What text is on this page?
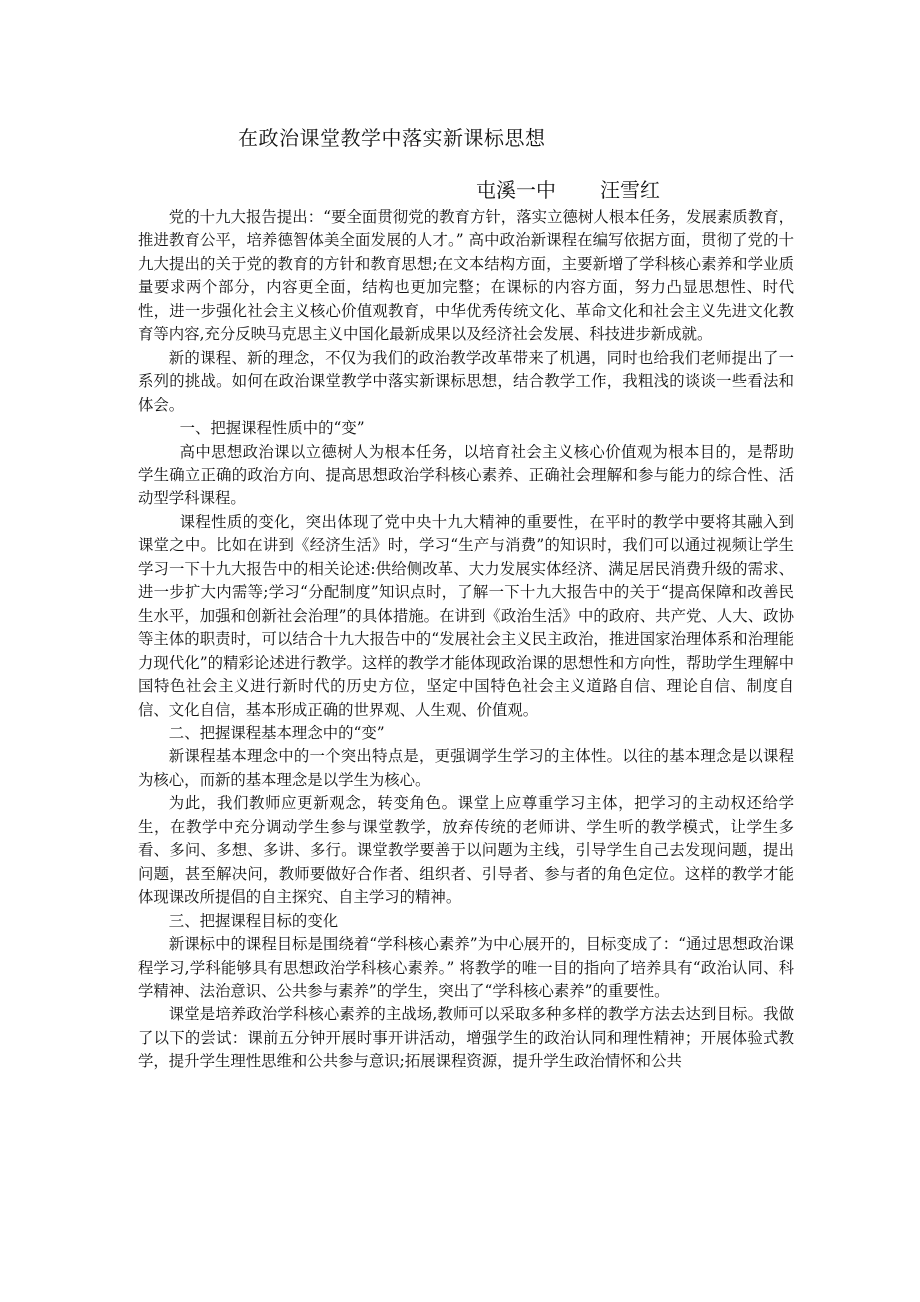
在政治课堂教学中落实新课标思想

屯溪一中 汪雪红

党的十九大报告提出：“要全面贯彻党的教育方针，落实立德树人根本任务，发展素质教育，推进教育公平，培养德智体美全面发展的人才。” 高中政治新课程在编写依据方面，贯彻了党的十九大提出的关于党的教育的方针和教育思想;在文本结构方面，主要新增了学科核心素养和学业质量要求两个部分，内容更全面，结构也更加完整；在课标的内容方面，努力凸显思想性、时代性，进一步强化社会主义核心价值观教育，中华优秀传统文化、革命文化和社会主义先进文化教育等内容,充分反映马克思主义中国化最新成果以及经济社会发展、科技进步新成就。

新的课程、新的理念，不仅为我们的政治教学改革带来了机遇，同时也给我们老师提出了一系列的挑战。如何在政治课堂教学中落实新课标思想，结合教学工作，我粗浅的谈谈一些看法和体会。

一、把握课程性质中的“变”

高中思想政治课以立德树人为根本任务，以培育社会主义核心价值观为根本目的，是帮助学生确立正确的政治方向、提高思想政治学科核心素养、正确社会理解和参与能力的综合性、活动型学科课程。

课程性质的变化，突出体现了党中央十九大精神的重要性，在平时的教学中要将其融入到课堂之中。比如在讲到《经济生活》时，学习“生产与消费”的知识时，我们可以通过视频让学生学习一下十九大报告中的相关论述:供给侧改革、大力发展实体经济、满足居民消费升级的需求、进一步扩大内需等;学习“分配制度”知识点时，了解一下十九大报告中的关于“提高保障和改善民生水平，加强和创新社会治理”的具体措施。在讲到《政治生活》中的政府、共产党、人大、政协等主体的职责时，可以结合十九大报告中的“发展社会主义民主政治，推进国家治理体系和治理能力现代化”的精彩论述进行教学。这样的教学才能体现政治课的思想性和方向性，帮助学生理解中国特色社会主义进行新时代的历史方位，坚定中国特色社会主义道路自信、理论自信、制度自信、文化自信，基本形成正确的世界观、人生观、价值观。

二、把握课程基本理念中的“变”

新课程基本理念中的一个突出特点是，更强调学生学习的主体性。以往的基本理念是以课程为核心，而新的基本理念是以学生为核心。

为此，我们教师应更新观念，转变角色。课堂上应尊重学习主体，把学习的主动权还给学生，在教学中充分调动学生参与课堂教学，放弃传统的老师讲、学生听的教学模式，让学生多看、多问、多想、多讲、多行。课堂教学要善于以问题为主线，引导学生自己去发现问题，提出问题，甚至解决问，教师要做好合作者、组织者、引导者、参与者的角色定位。这样的教学才能体现课改所提倡的自主探究、自主学习的精神。

三、把握课程目标的变化

新课标中的课程目标是围绕着“学科核心素养”为中心展开的，目标变成了：“通过思想政治课程学习,学科能够具有思想政治学科核心素养。” 将教学的唯一目的指向了培养具有“政治认同、科学精神、法治意识、公共参与素养”的学生，突出了“学科核心素养”的重要性。

课堂是培养政治学科核心素养的主战场,教师可以采取多种多样的教学方法去达到目标。我做了以下的尝试：课前五分钟开展时事开讲活动，增强学生的政治认同和理性精神；开展体验式教学，提升学生理性思维和公共参与意识;拓展课程资源，提升学生政治情怀和公共
